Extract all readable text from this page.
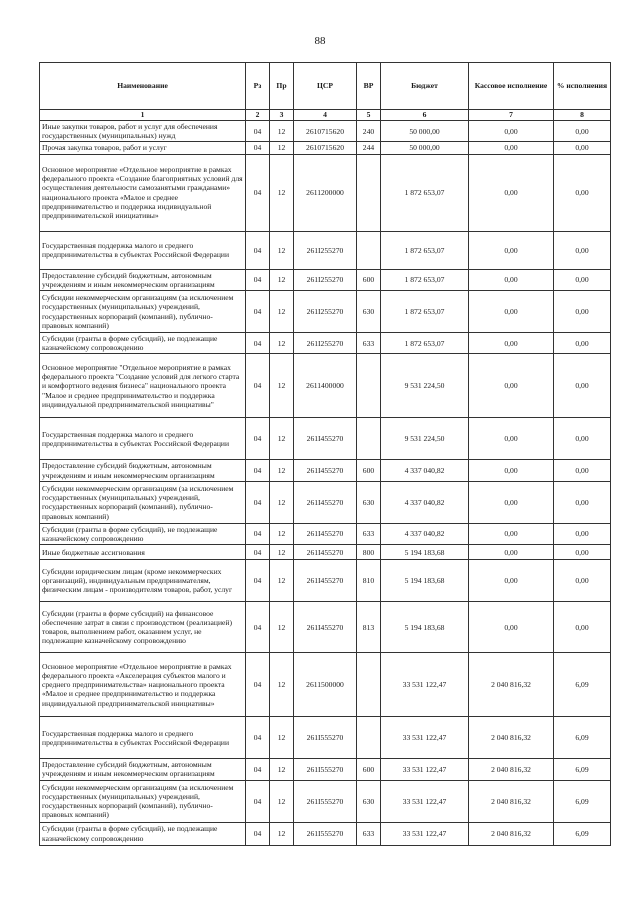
88
Наименование	Рз	Пр	ЦСР	ВР	Бюджет	Кассовое исполнение	% исполнения
1	2	3	4	5	6	7	8
Иные закупки товаров, работ и услуг для обеспечения государственных (муниципальных) нужд	04	12	2610715620	240	50 000,00	0,00	0,00
Прочая закупка товаров, работ и услуг	04	12	2610715620	244	50 000,00	0,00	0,00
Основное мероприятие «Отдельное мероприятие в рамках федерального проекта «Создание благоприятных условий для осуществления деятельности самозанятыми гражданами» национального проекта «Малое и среднее предпринимательство и поддержка индивидуальной предпринимательской инициативы»	04	12	2611200000		1 872 653,07	0,00	0,00
Государственная поддержка малого и среднего предпринимательства в субъектах Российской Федерации	04	12	261I255270		1 872 653,07	0,00	0,00
Предоставление субсидий бюджетным, автономным учреждениям и иным некоммерческим организациям	04	12	261I255270	600	1 872 653,07	0,00	0,00
Субсидии некоммерческим организациям (за исключением государственных (муниципальных) учреждений, государственных корпораций (компаний), публично-правовых компаний)	04	12	261I255270	630	1 872 653,07	0,00	0,00
Субсидии (гранты в форме субсидий), не подлежащие казначейскому сопровождению	04	12	261I255270	633	1 872 653,07	0,00	0,00
Основное мероприятие "Отдельное мероприятие в рамках федерального проекта "Создание условий для легкого старта и комфортного ведения бизнеса" национального проекта "Малое и среднее предпринимательство и поддержка индивидуальной предпринимательской инициативы"	04	12	2611400000		9 531 224,50	0,00	0,00
Государственная поддержка малого и среднего предпринимательства в субъектах Российской Федерации	04	12	261I455270		9 531 224,50	0,00	0,00
Предоставление субсидий бюджетным, автономным учреждениям и иным некоммерческим организациям	04	12	261I455270	600	4 337 040,82	0,00	0,00
Субсидии некоммерческим организациям (за исключением государственных (муниципальных) учреждений, государственных корпораций (компаний), публично-правовых компаний)	04	12	261I455270	630	4 337 040,82	0,00	0,00
Субсидии (гранты в форме субсидий), не подлежащие казначейскому сопровождению	04	12	261I455270	633	4 337 040,82	0,00	0,00
Иные бюджетные ассигнования	04	12	261I455270	800	5 194 183,68	0,00	0,00
Субсидии юридическим лицам (кроме некоммерческих организаций), индивидуальным предпринимателям, физическим лицам - производителям товаров, работ, услуг	04	12	261I455270	810	5 194 183,68	0,00	0,00
Субсидии (гранты в форме субсидий) на финансовое обеспечение затрат в связи с производством (реализацией) товаров, выполнением работ, оказанием услуг, не подлежащие казначейскому сопровождению	04	12	261I455270	813	5 194 183,68	0,00	0,00
Основное мероприятие «Отдельное мероприятие в рамках федерального проекта «Акселерация субъектов малого и среднего предпринимательства» национального проекта «Малое и среднее предпринимательство и поддержка индивидуальной предпринимательской инициативы»	04	12	2611500000		33 531 122,47	2 040 816,32	6,09
Государственная поддержка малого и среднего предпринимательства в субъектах Российской Федерации	04	12	261I555270		33 531 122,47	2 040 816,32	6,09
Предоставление субсидий бюджетным, автономным учреждениям и иным некоммерческим организациям	04	12	261I555270	600	33 531 122,47	2 040 816,32	6,09
Субсидии некоммерческим организациям (за исключением государственных (муниципальных) учреждений, государственных корпораций (компаний), публично-правовых компаний)	04	12	261I555270	630	33 531 122,47	2 040 816,32	6,09
Субсидии (гранты в форме субсидий), не подлежащие казначейскому сопровождению	04	12	261I555270	633	33 531 122,47	2 040 816,32	6,09
